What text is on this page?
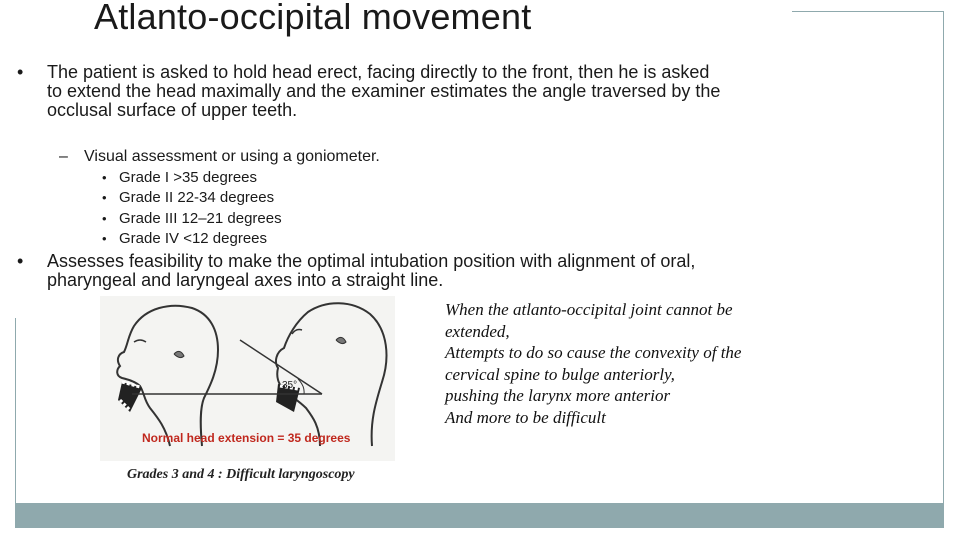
Atlanto-occipital movement
• The patient is asked to hold head erect, facing directly to the front, then he is asked to extend the head maximally and the examiner estimates the angle traversed by the occlusal surface of upper teeth.
– Visual assessment or using a goniometer.
• Grade I >35 degrees
• Grade II 22-34 degrees
• Grade III 12–21 degrees
• Grade IV <12 degrees
• Assesses feasibility to make the optimal intubation position with alignment of oral, pharyngeal and laryngeal axes into a straight line.
35°
Normal head extension = 35 degrees
Grades 3 and 4 : Difficult laryngoscopy
When the atlanto-occipital joint cannot be
extended,
Attempts to do so cause the convexity of the
cervical spine to bulge anteriorly,
pushing the larynx more anterior
And more to be difficult
